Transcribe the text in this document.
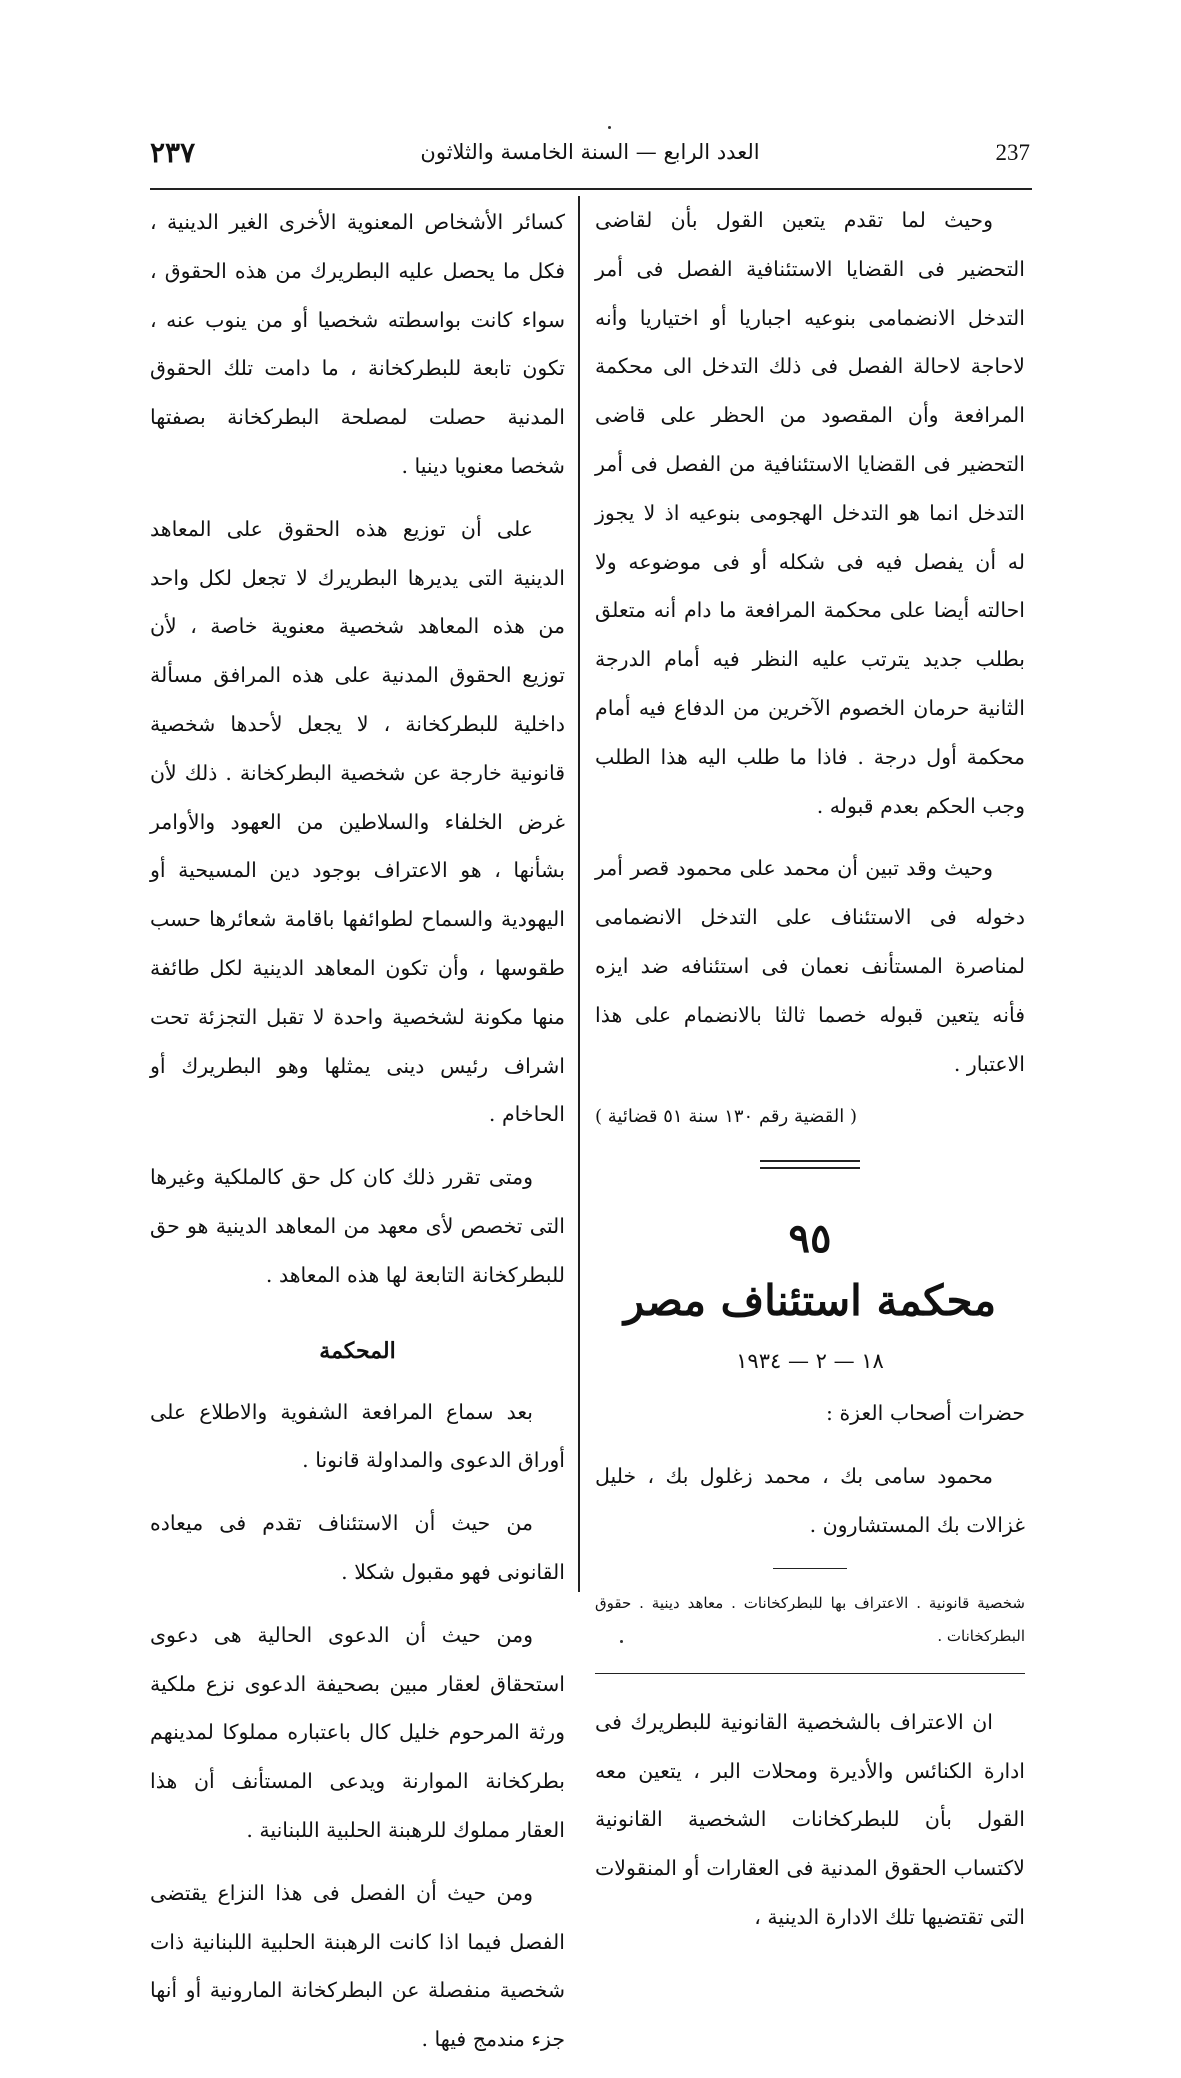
237
العدد الرابع — السنة الخامسة والثلاثون
٢٣٧

وحيث لما تقدم يتعين القول بأن لقاضى التحضير فى القضايا الاستئنافية الفصل فى أمر التدخل الانضمامى بنوعيه اجباريا أو اختياريا وأنه لاحاجة لاحالة الفصل فى ذلك التدخل الى محكمة المرافعة وأن المقصود من الحظر على قاضى التحضير فى القضايا الاستئنافية من الفصل فى أمر التدخل انما هو التدخل الهجومى بنوعيه اذ لا يجوز له أن يفصل فيه فى شكله أو فى موضوعه ولا احالته أيضا على محكمة المرافعة ما دام أنه متعلق بطلب جديد يترتب عليه النظر فيه أمام الدرجة الثانية حرمان الخصوم الآخرين من الدفاع فيه أمام محكمة أول درجة . فاذا ما طلب اليه هذا الطلب وجب الحكم بعدم قبوله .

وحيث وقد تبين أن محمد على محمود قصر أمر دخوله فى الاستئناف على التدخل الانضمامى لمناصرة المستأنف نعمان فى استئنافه ضد ايزه فأنه يتعين قبوله خصما ثالثا بالانضمام على هذا الاعتبار .

( القضية رقم ١٣٠ سنة ٥١ قضائية )
٩٥
محكمة استئناف مصر
١٨ — ٢ — ١٩٣٤

حضرات أصحاب العزة :

محمود سامى بك ، محمد زغلول بك ، خليل غزالات بك المستشارون .

شخصية قانونية . الاعتراف بها للبطركخانات . معاهد دينية . حقوق البطركخانات .

ان الاعتراف بالشخصية القانونية للبطريرك فى ادارة الكنائس والأديرة ومحلات البر ، يتعين معه القول بأن للبطركخانات الشخصية القانونية لاكتساب الحقوق المدنية فى العقارات أو المنقولات التى تقتضيها تلك الادارة الدينية ،

كسائر الأشخاص المعنوية الأخرى الغير الدينية ، فكل ما يحصل عليه البطريرك من هذه الحقوق ، سواء كانت بواسطته شخصيا أو من ينوب عنه ، تكون تابعة للبطركخانة ، ما دامت تلك الحقوق المدنية حصلت لمصلحة البطركخانة بصفتها شخصا معنويا دينيا .

على أن توزيع هذه الحقوق على المعاهد الدينية التى يديرها البطريرك لا تجعل لكل واحد من هذه المعاهد شخصية معنوية خاصة ، لأن توزيع الحقوق المدنية على هذه المرافق مسألة داخلية للبطركخانة ، لا يجعل لأحدها شخصية قانونية خارجة عن شخصية البطركخانة . ذلك لأن غرض الخلفاء والسلاطين من العهود والأوامر بشأنها ، هو الاعتراف بوجود دين المسيحية أو اليهودية والسماح لطوائفها باقامة شعائرها حسب طقوسها ، وأن تكون المعاهد الدينية لكل طائفة منها مكونة لشخصية واحدة لا تقبل التجزئة تحت اشراف رئيس دينى يمثلها وهو البطريرك أو الحاخام .

ومتى تقرر ذلك كان كل حق كالملكية وغيرها التى تخصص لأى معهد من المعاهد الدينية هو حق للبطركخانة التابعة لها هذه المعاهد .

المحكمة

بعد سماع المرافعة الشفوية والاطلاع على أوراق الدعوى والمداولة قانونا .

من حيث أن الاستئناف تقدم فى ميعاده القانونى فهو مقبول شكلا .

ومن حيث أن الدعوى الحالية هى دعوى استحقاق لعقار مبين بصحيفة الدعوى نزع ملكية ورثة المرحوم خليل كال باعتباره مملوكا لمدينهم بطركخانة الموارنة ويدعى المستأنف أن هذا العقار مملوك للرهبنة الحلبية اللبنانية .

ومن حيث أن الفصل فى هذا النزاع يقتضى الفصل فيما اذا كانت الرهبنة الحلبية اللبنانية ذات شخصية منفصلة عن البطركخانة المارونية أو أنها جزء مندمج فيها .
